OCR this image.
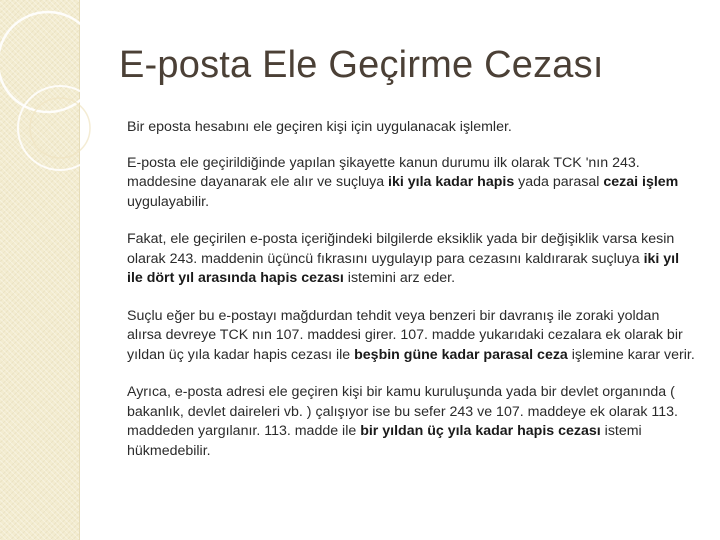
E-posta Ele Geçirme Cezası

Bir eposta hesabını ele geçiren kişi için uygulanacak işlemler.

E-posta ele geçirildiğinde yapılan şikayette kanun durumu ilk olarak TCK 'nın 243. maddesine dayanarak ele alır ve suçluya iki yıla kadar hapis yada parasal cezai işlem uygulayabilir.

Fakat, ele geçirilen e-posta içeriğindeki bilgilerde eksiklik yada bir değişiklik varsa kesin olarak 243. maddenin üçüncü fıkrasını uygulayıp para cezasını kaldırarak suçluya iki yıl ile dört yıl arasında hapis cezası istemini arz eder.

Suçlu eğer bu e-postayı mağdurdan tehdit veya benzeri bir davranış ile zoraki yoldan alırsa devreye TCK nın 107. maddesi girer. 107. madde yukarıdaki cezalara ek olarak bir yıldan üç yıla kadar hapis cezası ile beşbin güne kadar parasal ceza işlemine karar verir.

Ayrıca, e-posta adresi ele geçiren kişi bir kamu kuruluşunda yada bir devlet organında ( bakanlık, devlet daireleri vb. ) çalışıyor ise bu sefer 243 ve 107. maddeye ek olarak 113. maddeden yargılanır. 113. madde ile bir yıldan üç yıla kadar hapis cezası istemi hükmedebilir.
